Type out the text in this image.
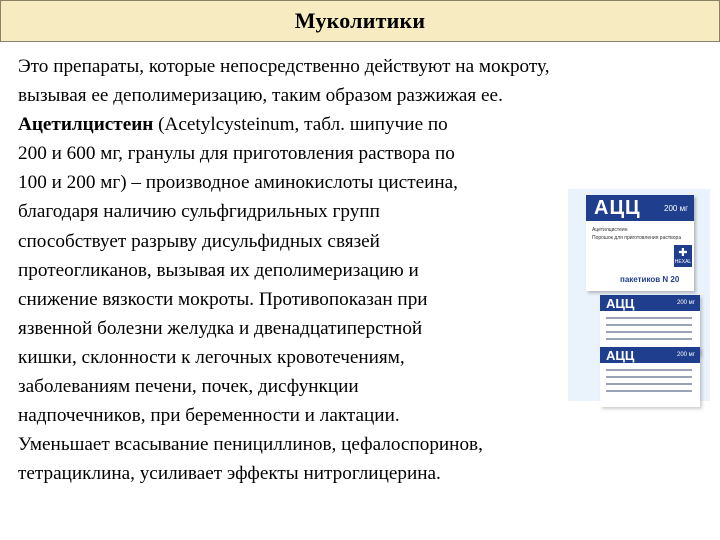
Муколитики
Это препараты, которые непосредственно действуют на мокроту,
вызывая ее деполимеризацию, таким образом разжижая ее.
Ацетилцистеин (Acetylcysteinum, табл. шипучие по
200 и 600 мг, гранулы для приготовления раствора по
100 и 200 мг) – производное аминокислоты цистеина,
благодаря наличию сульфгидрильных групп
способствует разрыву дисульфидных связей
протеогликанов, вызывая их деполимеризацию и
снижение вязкости мокроты. Противопоказан при
язвенной болезни желудка и двенадцатиперстной
кишки, склонности к легочных кровотечениям,
заболеваниям печени, почек, дисфункции
надпочечников, при беременности и лактации.
Уменьшает всасывание пенициллинов, цефалоспоринов,
тетрациклина, усиливает эффекты нитроглицерина.
АЦЦ	200 мг
Ацетилцистеин
Порошок для приготовления раствора
✚
HEXAL
пакетиков N 20
АЦЦ	200 мг
АЦЦ	200 мг
